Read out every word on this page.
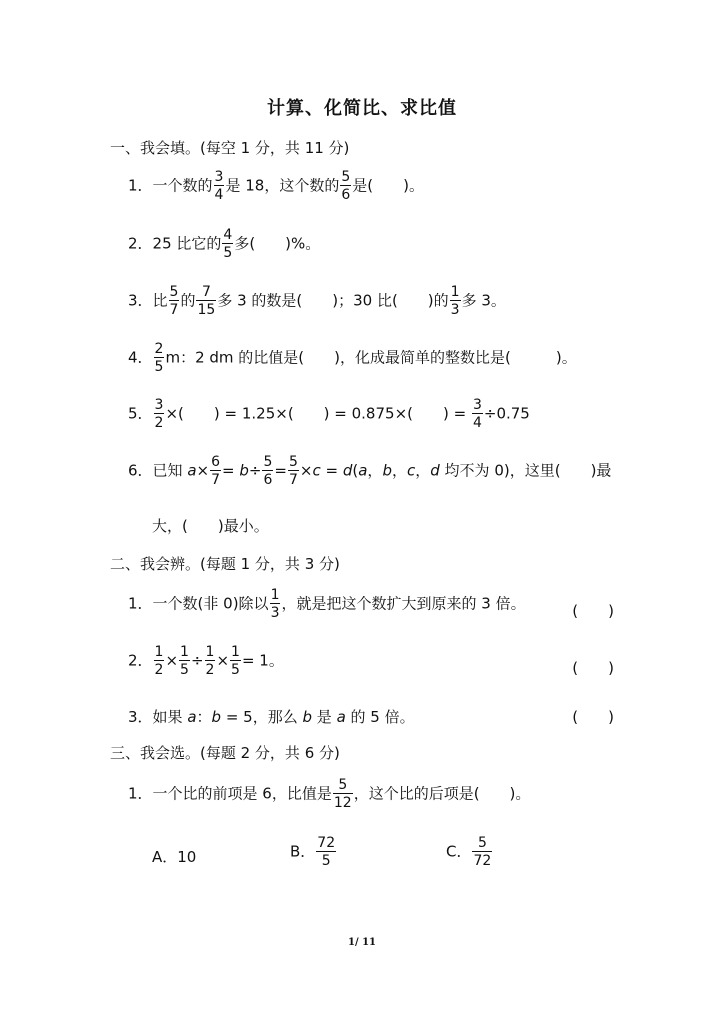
计算、化简比、求比值
一、我会填。(每空 1 分，共 11 分)
1．一个数的 $\frac{3}{4}$ 是 18，这个数的 $\frac{5}{6}$ 是(　　)。
2．25 比它的 $\frac{4}{5}$ 多(　　)%。
3．比 $\frac{5}{7}$ 的 $\frac{7}{15}$ 多 3 的数是(　　)；30 比(　　)的 $\frac{1}{3}$ 多 3。
4． $\frac{2}{5}$ m：2 dm 的比值是(　　)，化成最简单的整数比是(　　　)。
5． $\frac{3}{2}$ ×(　　) = 1.25×(　　) = 0.875×(　　) = $\frac{3}{4} \div 0.75$
6．已知 $a\times \frac{6}{7} = b\div \frac{5}{6} = \frac{5}{7} \times c = d(a$，b，c，d 均不为 0)，这里(　　)最
大，(　　)最小。
二、我会辨。(每题 1 分，共 3 分)
1．一个数(非 0)除以 $\frac{1}{3}$ ，就是把这个数扩大到原来的 3 倍。	(　　)
2． $\frac{1}{2} \times \frac{1}{5} \div \frac{1}{2} \times \frac{1}{5} = 1$。	(　　)
3．如果 a：b = 5，那么 b 是 a 的 5 倍。	(　　)
三、我会选。(每题 2 分，共 6 分)
1．一个比的前项是 6，比值是 $\frac{5}{12}$ ，这个比的后项是(　　)。
A．10	B． $\frac{72}{5}$	C． $\frac{5}{72}$
1/ 11
